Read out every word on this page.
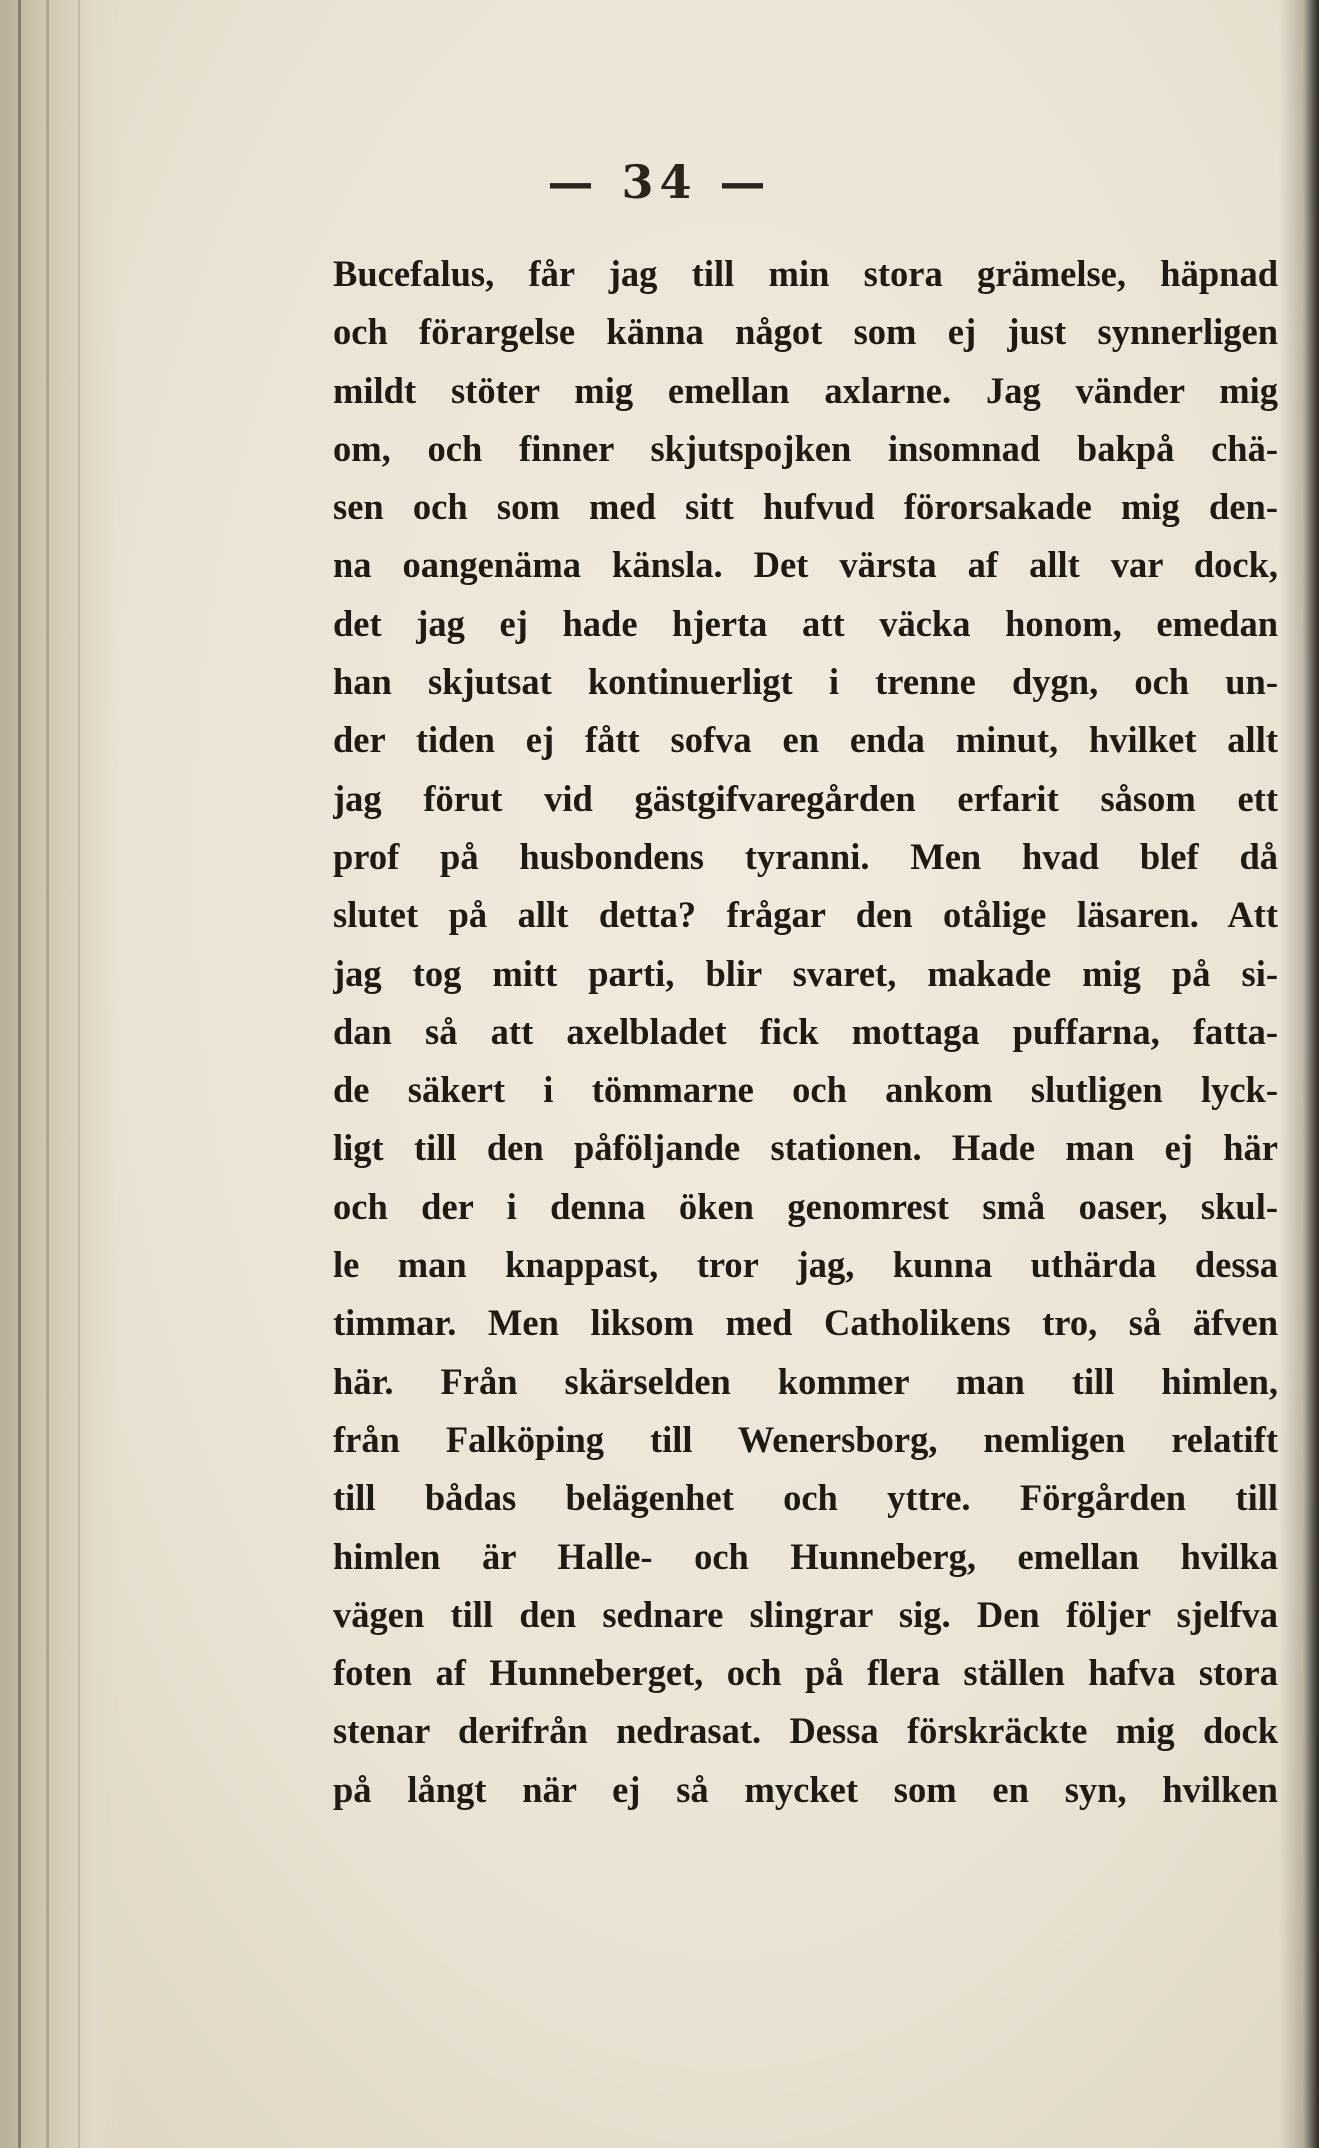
— 34 —
Bucefalus, får jag till min stora grämelse, häpnad
och förargelse känna något som ej just synnerligen
mildt stöter mig emellan axlarne. Jag vänder mig
om, och finner skjutspojken insomnad bakpå chä-
sen och som med sitt hufvud förorsakade mig den-
na oangenäma känsla. Det värsta af allt var dock,
det jag ej hade hjerta att väcka honom, emedan
han skjutsat kontinuerligt i trenne dygn, och un-
der tiden ej fått sofva en enda minut, hvilket allt
jag förut vid gästgifvaregården erfarit såsom ett
prof på husbondens tyranni. Men hvad blef då
slutet på allt detta? frågar den otålige läsaren. Att
jag tog mitt parti, blir svaret, makade mig på si-
dan så att axelbladet fick mottaga puffarna, fatta-
de säkert i tömmarne och ankom slutligen lyck-
ligt till den påföljande stationen. Hade man ej här
och der i denna öken genomrest små oaser, skul-
le man knappast, tror jag, kunna uthärda dessa
timmar. Men liksom med Catholikens tro, så äfven
här. Från skärselden kommer man till himlen,
från Falköping till Wenersborg, nemligen relatift
till bådas belägenhet och yttre. Förgården till
himlen är Halle- och Hunneberg, emellan hvilka
vägen till den sednare slingrar sig. Den följer sjelfva
foten af Hunneberget, och på flera ställen hafva stora
stenar derifrån nedrasat. Dessa förskräckte mig dock
på långt när ej så mycket som en syn, hvilken
